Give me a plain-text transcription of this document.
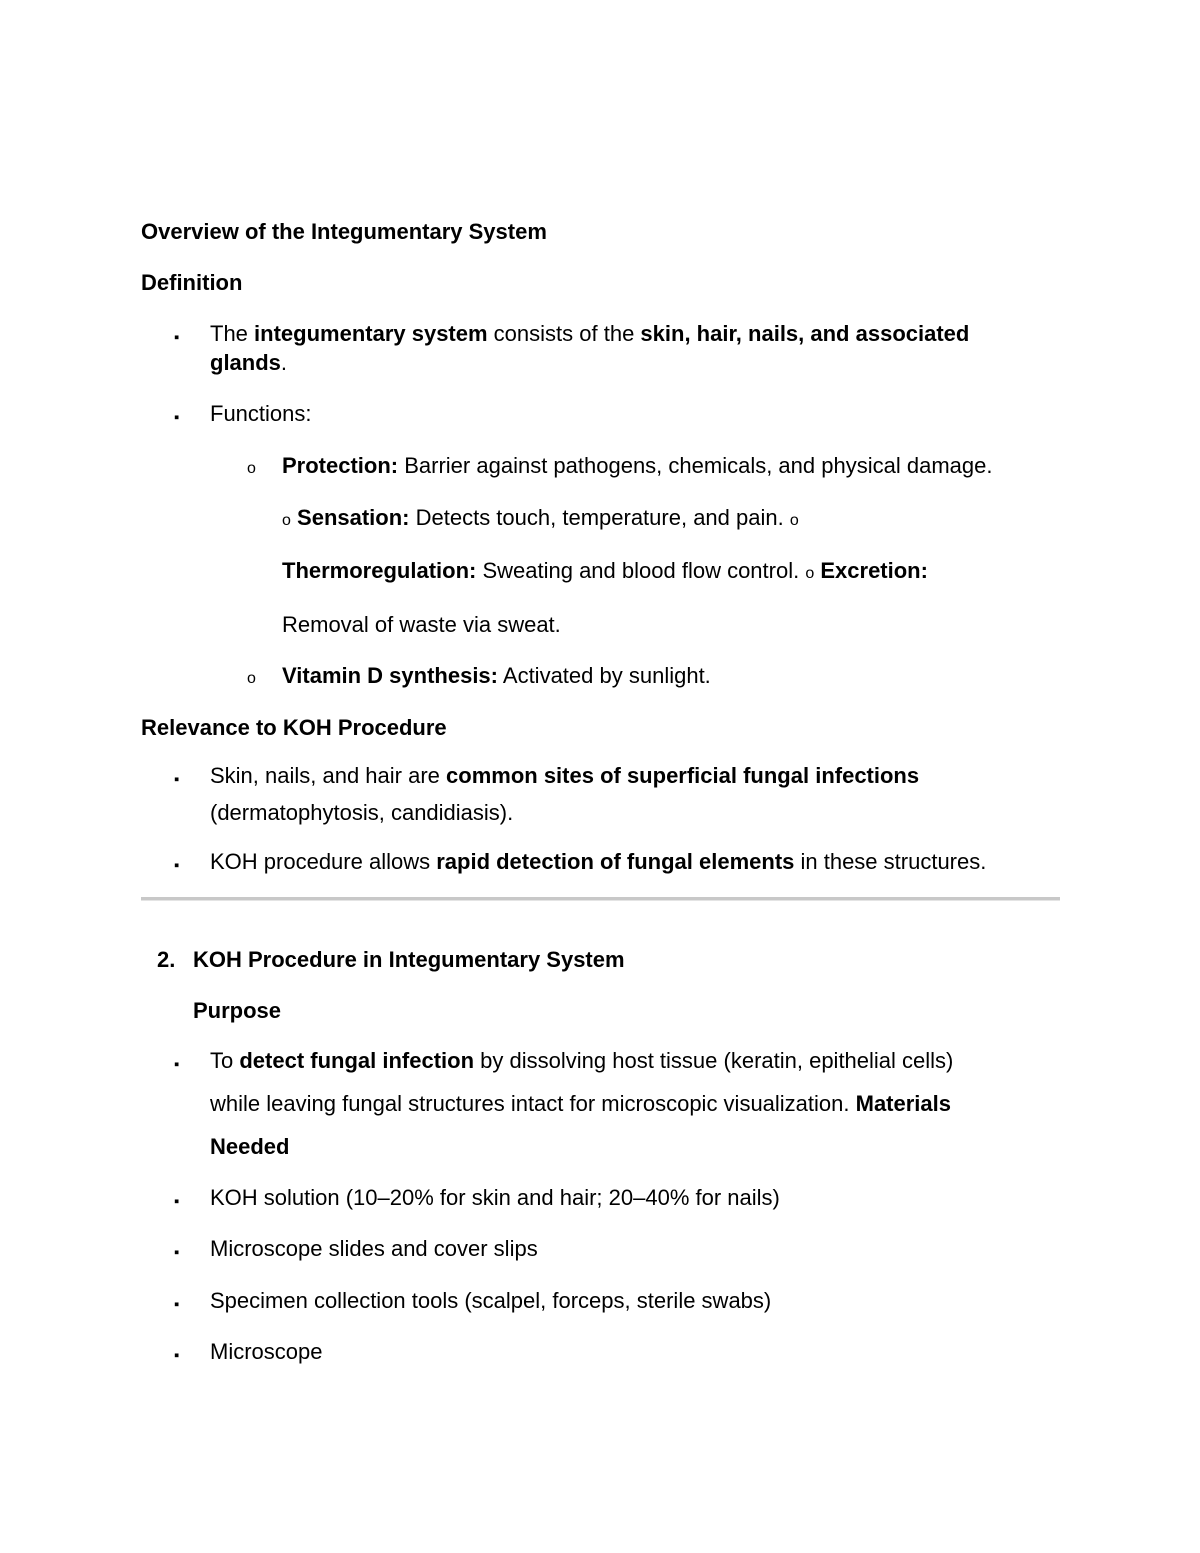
Overview of the Integumentary System
Definition
▪ The integumentary system consists of the skin, hair, nails, and associated
glands.
▪ Functions:
o Protection: Barrier against pathogens, chemicals, and physical damage.
o Sensation: Detects touch, temperature, and pain. o
Thermoregulation: Sweating and blood flow control. o Excretion:
Removal of waste via sweat.
o Vitamin D synthesis: Activated by sunlight.
Relevance to KOH Procedure
▪ Skin, nails, and hair are common sites of superficial fungal infections
(dermatophytosis, candidiasis).
▪ KOH procedure allows rapid detection of fungal elements in these structures.
2. KOH Procedure in Integumentary System
Purpose
▪ To detect fungal infection by dissolving host tissue (keratin, epithelial cells)
while leaving fungal structures intact for microscopic visualization. Materials
Needed
▪ KOH solution (10–20% for skin and hair; 20–40% for nails)
▪ Microscope slides and cover slips
▪ Specimen collection tools (scalpel, forceps, sterile swabs)
▪ Microscope
